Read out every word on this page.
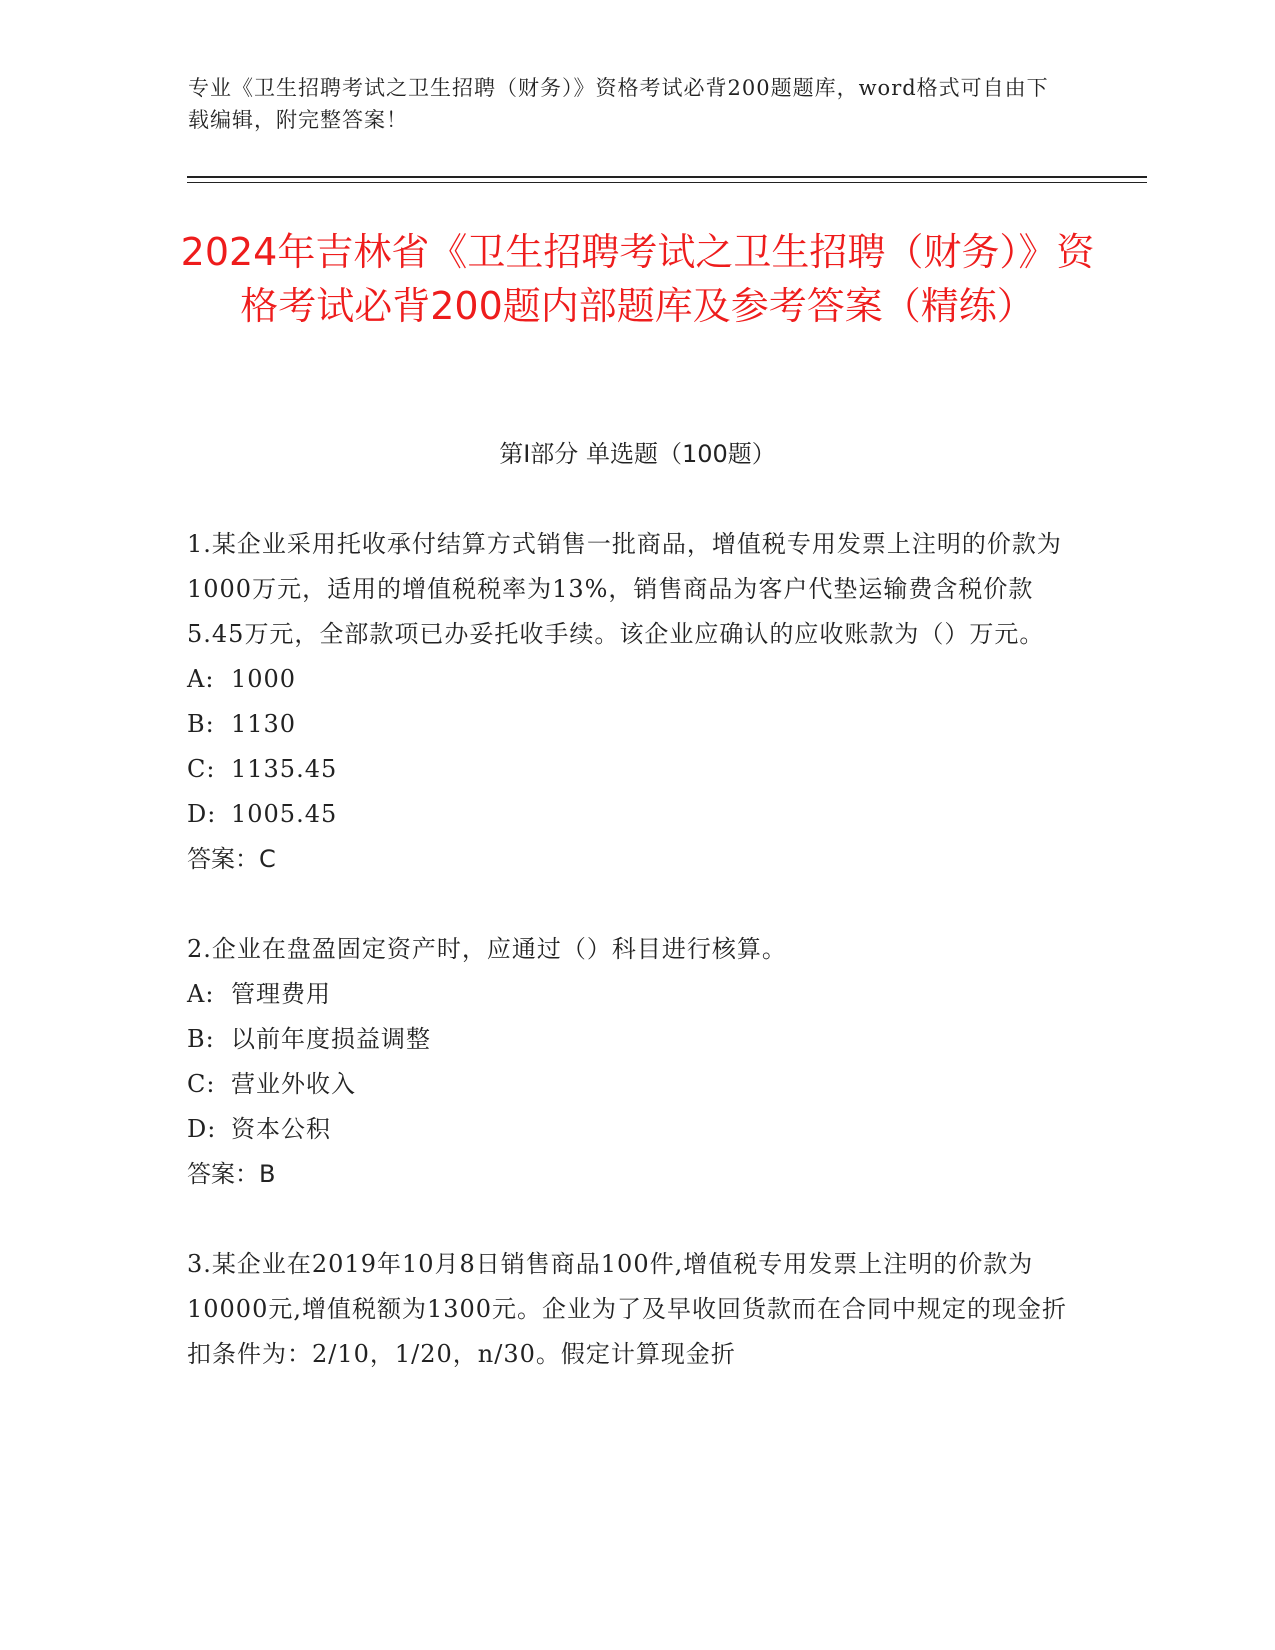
专业《卫生招聘考试之卫生招聘（财务）》资格考试必背200题题库，word格式可自由下载编辑，附完整答案！
2024年吉林省《卫生招聘考试之卫生招聘（财务）》资格考试必背200题内部题库及参考答案（精练）
第I部分 单选题（100题）
1.某企业采用托收承付结算方式销售一批商品，增值税专用发票上注明的价款为1000万元，适用的增值税税率为13%，销售商品为客户代垫运输费含税价款5.45万元，全部款项已办妥托收手续。该企业应确认的应收账款为（）万元。
A: 1000
B: 1130
C: 1135.45
D: 1005.45
答案：C
2.企业在盘盈固定资产时，应通过（）科目进行核算。
A: 管理费用
B: 以前年度损益调整
C: 营业外收入
D: 资本公积
答案：B
3.某企业在2019年10月8日销售商品100件,增值税专用发票上注明的价款为10000元,增值税额为1300元。企业为了及早收回货款而在合同中规定的现金折扣条件为：2/10，1/20，n/30。假定计算现金折
